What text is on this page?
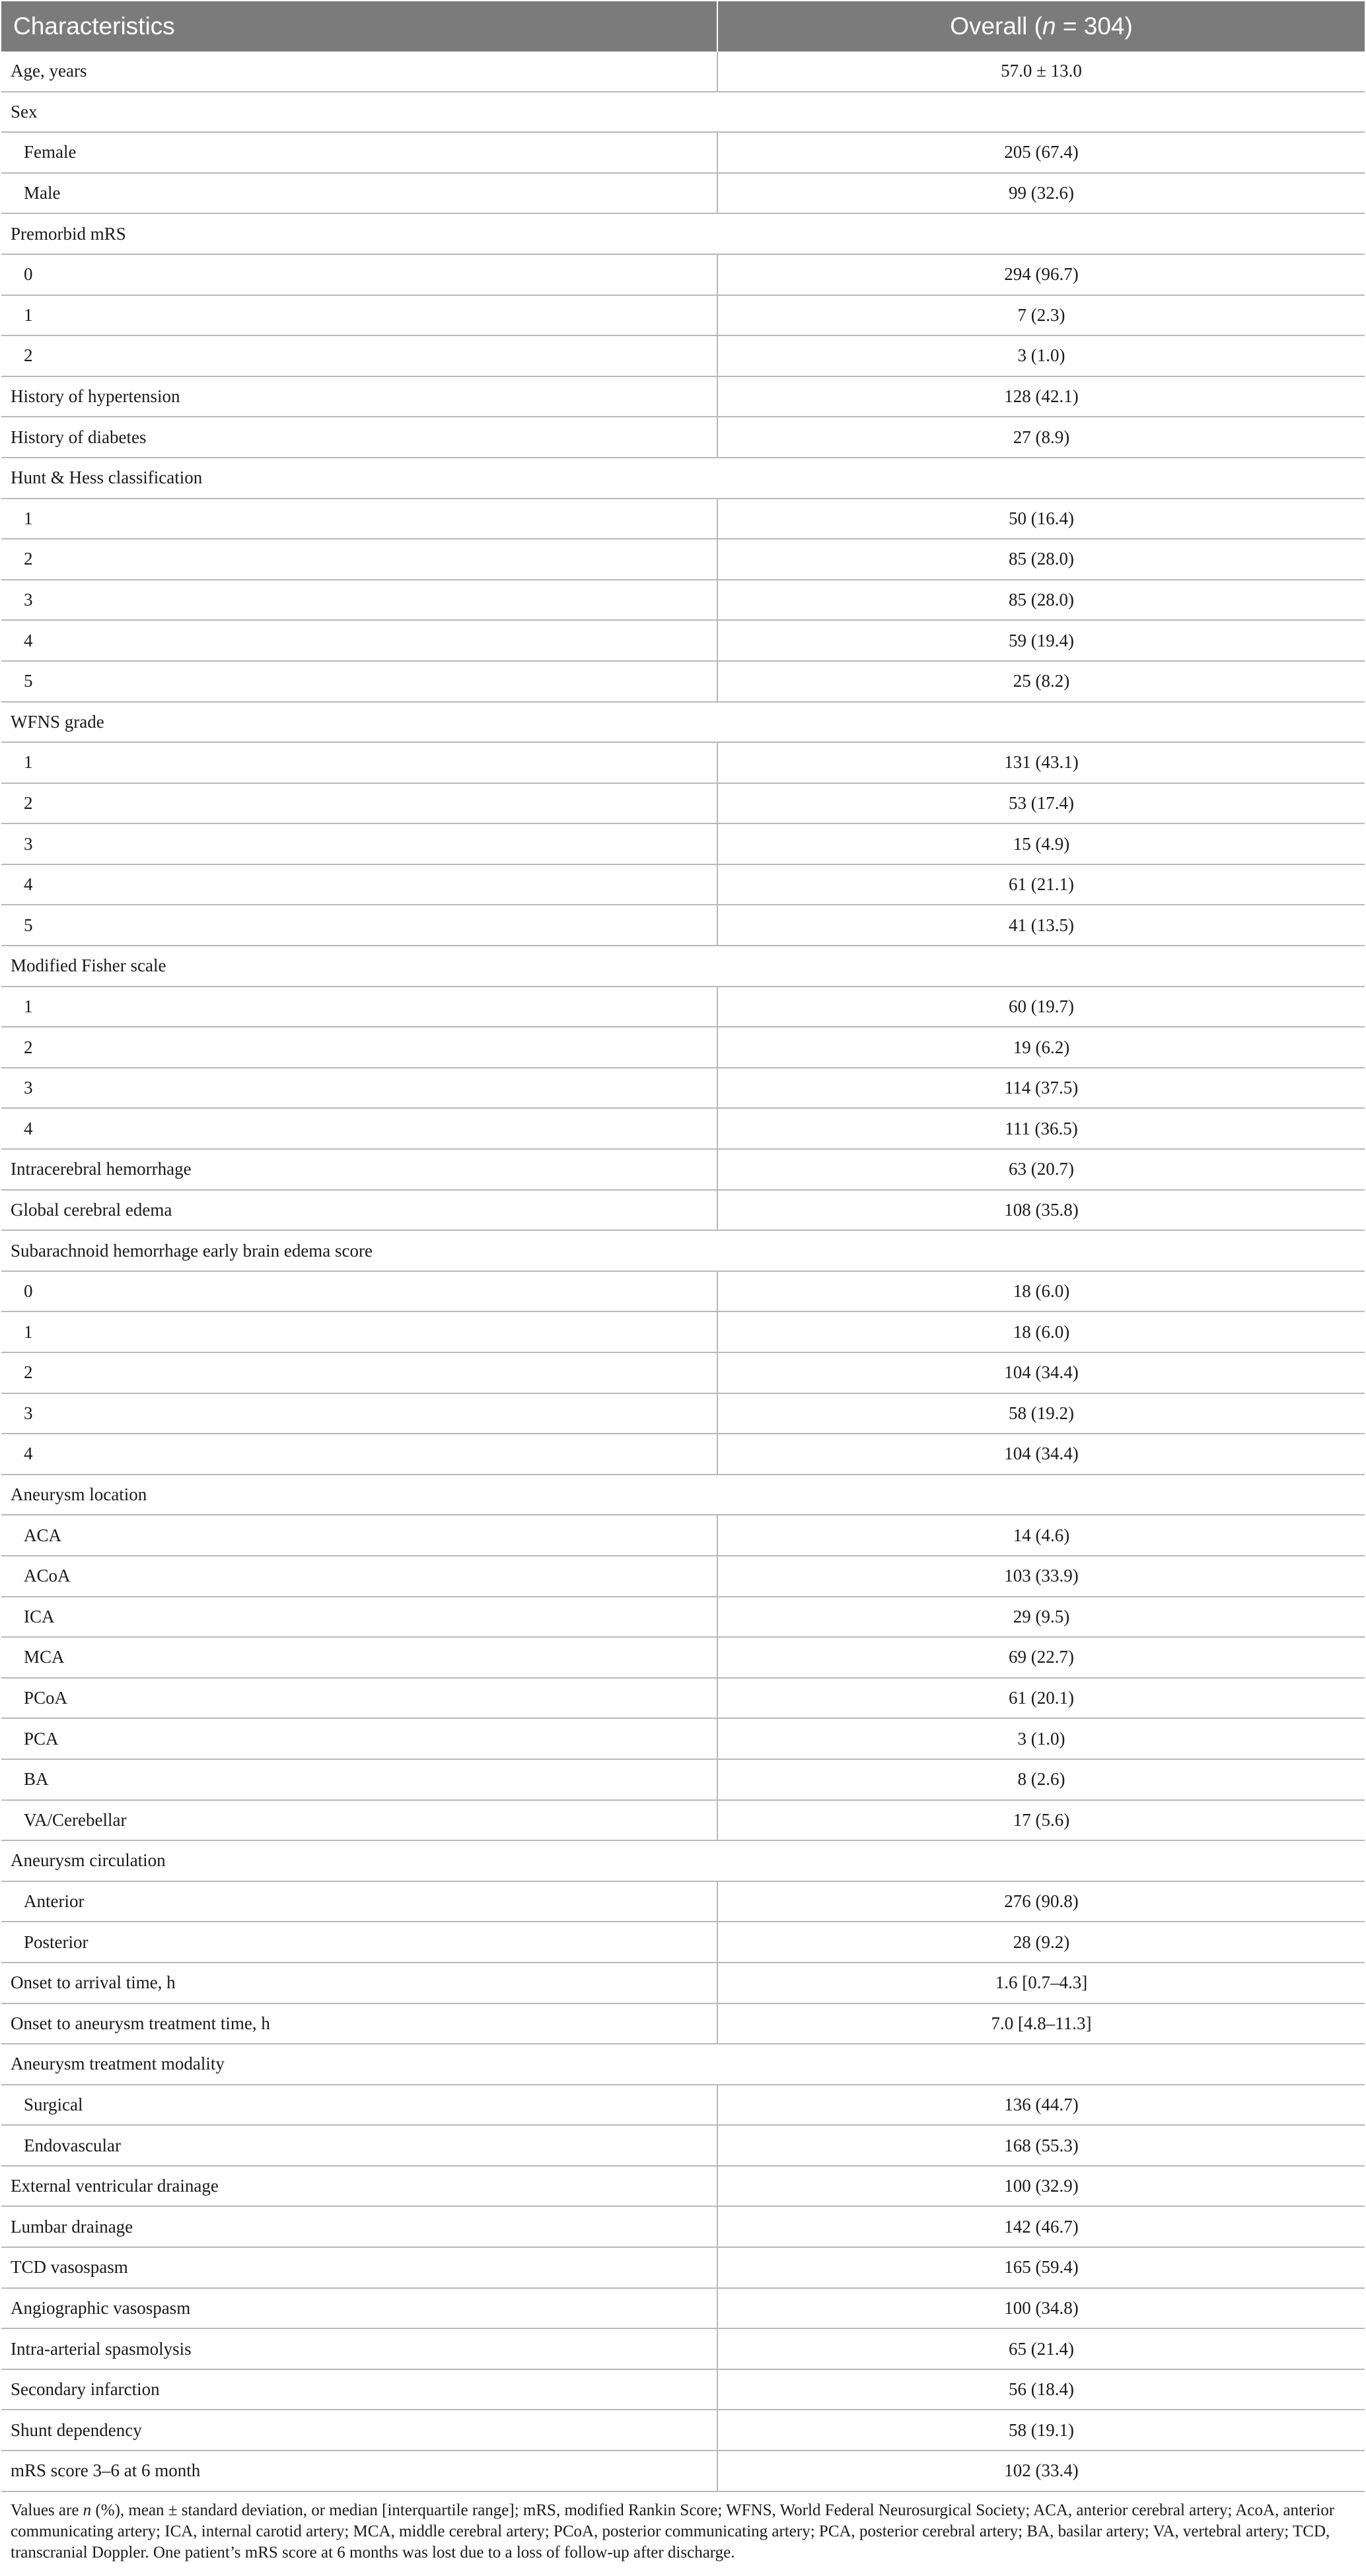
Characteristics	Overall (n = 304)
Age, years	57.0 ± 13.0
Sex	
Female	205 (67.4)
Male	99 (32.6)
Premorbid mRS	
0	294 (96.7)
1	7 (2.3)
2	3 (1.0)
History of hypertension	128 (42.1)
History of diabetes	27 (8.9)
Hunt & Hess classification	
1	50 (16.4)
2	85 (28.0)
3	85 (28.0)
4	59 (19.4)
5	25 (8.2)
WFNS grade	
1	131 (43.1)
2	53 (17.4)
3	15 (4.9)
4	61 (21.1)
5	41 (13.5)
Modified Fisher scale	
1	60 (19.7)
2	19 (6.2)
3	114 (37.5)
4	111 (36.5)
Intracerebral hemorrhage	63 (20.7)
Global cerebral edema	108 (35.8)
Subarachnoid hemorrhage early brain edema score	
0	18 (6.0)
1	18 (6.0)
2	104 (34.4)
3	58 (19.2)
4	104 (34.4)
Aneurysm location	
ACA	14 (4.6)
ACoA	103 (33.9)
ICA	29 (9.5)
MCA	69 (22.7)
PCoA	61 (20.1)
PCA	3 (1.0)
BA	8 (2.6)
VA/Cerebellar	17 (5.6)
Aneurysm circulation	
Anterior	276 (90.8)
Posterior	28 (9.2)
Onset to arrival time, h	1.6 [0.7–4.3]
Onset to aneurysm treatment time, h	7.0 [4.8–11.3]
Aneurysm treatment modality	
Surgical	136 (44.7)
Endovascular	168 (55.3)
External ventricular drainage	100 (32.9)
Lumbar drainage	142 (46.7)
TCD vasospasm	165 (59.4)
Angiographic vasospasm	100 (34.8)
Intra-arterial spasmolysis	65 (21.4)
Secondary infarction	56 (18.4)
Shunt dependency	58 (19.1)
mRS score 3–6 at 6 month	102 (33.4)
Values are n (%), mean ± standard deviation, or median [interquartile range]; mRS, modified Rankin Score; WFNS, World Federal Neurosurgical Society; ACA, anterior cerebral artery; AcoA, anterior communicating artery; ICA, internal carotid artery; MCA, middle cerebral artery; PCoA, posterior communicating artery; PCA, posterior cerebral artery; BA, basilar artery; VA, vertebral artery; TCD, transcranial Doppler. One patient’s mRS score at 6 months was lost due to a loss of follow-up after discharge.
